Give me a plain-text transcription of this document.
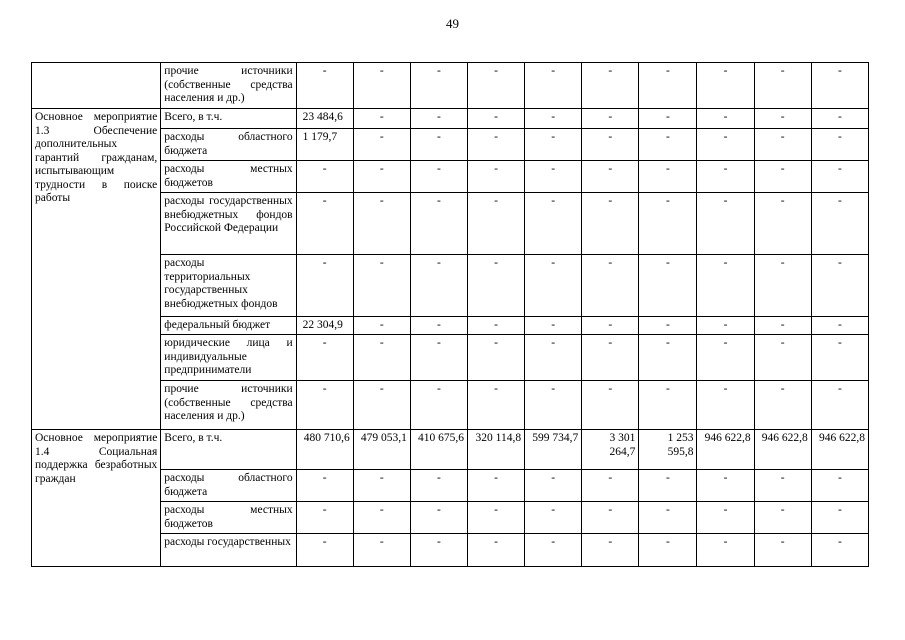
49
	прочие источники (собственные средства населения и др.)	-	-	-	-	-	-	-	-	-	-

Основное мероприятие 1.3 Обеспечение дополнительных гарантий гражданам, испытывающим трудности в поиске работы	Всего, в т.ч.	23 484,6	-	-	-	-	-	-	-	-	-
	расходы областного бюджета	1 179,7	-	-	-	-	-	-	-	-	-
	расходы местных бюджетов	-	-	-	-	-	-	-	-	-	-
	расходы государственных внебюджетных фондов Российской Федерации	-	-	-	-	-	-	-	-	-	-
	расходы территориальных государственных внебюджетных фондов	-	-	-	-	-	-	-	-	-	-
	федеральный бюджет	22 304,9	-	-	-	-	-	-	-	-	-
	юридические лица и индивидуальные предприниматели	-	-	-	-	-	-	-	-	-	-
	прочие источники (собственные средства населения и др.)	-	-	-	-	-	-	-	-	-	-

Основное мероприятие 1.4 Социальная поддержка безработных граждан	Всего, в т.ч.	480 710,6	479 053,1	410 675,6	320 114,8	599 734,7	3 301 264,7	1 253 595,8	946 622,8	946 622,8	946 622,8
	расходы областного бюджета	-	-	-	-	-	-	-	-	-	-
	расходы местных бюджетов	-	-	-	-	-	-	-	-	-	-
	расходы государственных	-	-	-	-	-	-	-	-	-	-
